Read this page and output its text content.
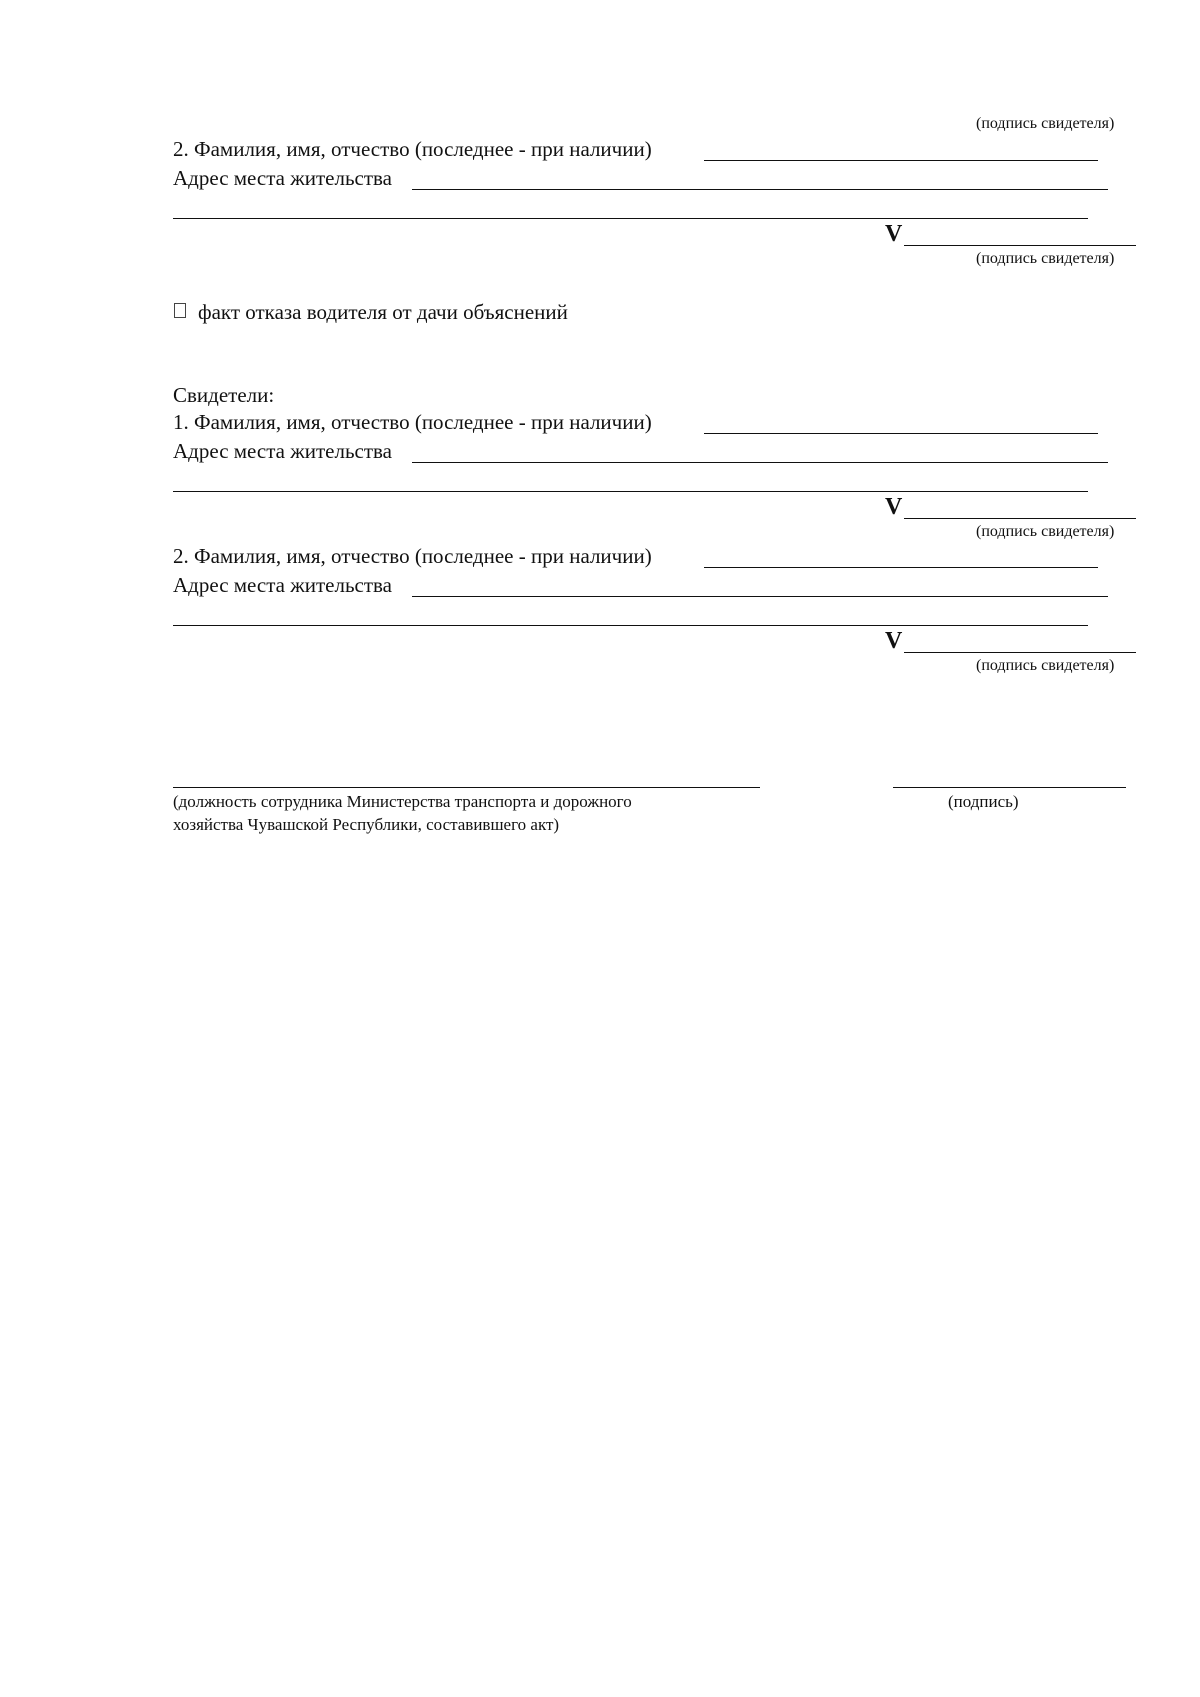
(подпись свидетеля)
2. Фамилия, имя, отчество (последнее - при наличии)
Адрес места жительства
V
(подпись свидетеля)
факт отказа водителя от дачи объяснений
Свидетели:
1. Фамилия, имя, отчество (последнее - при наличии)
Адрес места жительства
V
(подпись свидетеля)
2. Фамилия, имя, отчество (последнее - при наличии)
Адрес места жительства
V
(подпись свидетеля)
(должность сотрудника Министерства транспорта и дорожного
хозяйства Чувашской Республики, составившего акт)
(подпись)
